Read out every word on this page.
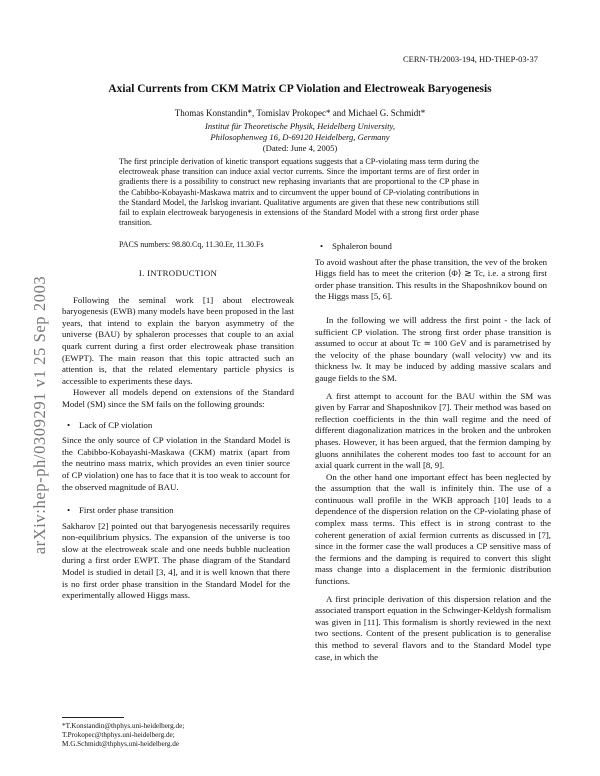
CERN-TH/2003-194, HD-THEP-03-37
arXiv:hep-ph/0309291 v1 25 Sep 2003
Axial Currents from CKM Matrix CP Violation and Electroweak Baryogenesis
Thomas Konstandin*, Tomislav Prokopec* and Michael G. Schmidt*
Institut für Theoretische Physik, Heidelberg University,
Philosophenweg 16, D-69120 Heidelberg, Germany
(Dated: June 4, 2005)
The first principle derivation of kinetic transport equations suggests that a CP-violating mass term during the electroweak phase transition can induce axial vector currents. Since the important terms are of first order in gradients there is a possibility to construct new rephasing invariants that are proportional to the CP phase in the Cabibbo-Kobayashi-Maskawa matrix and to circumvent the upper bound of CP-violating contributions in the Standard Model, the Jarlskog invariant. Qualitative arguments are given that these new contributions still fail to explain electroweak baryogenesis in extensions of the Standard Model with a strong first order phase transition.
PACS numbers: 98.80.Cq, 11.30.Er, 11.30.Fs
I. INTRODUCTION

Following the seminal work [1] about electroweak baryogenesis (EWB) many models have been proposed in the last years, that intend to explain the baryon asymmetry of the universe (BAU) by sphaleron processes that couple to an axial quark current during a first order electroweak phase transition (EWPT). The main reason that this topic attracted such an attention is, that the related elementary particle physics is accessible to experiments these days.

However all models depend on extensions of the Standard Model (SM) since the SM fails on the following grounds:

• Lack of CP violation

Since the only source of CP violation in the Standard Model is the Cabibbo-Kobayashi-Maskawa (CKM) matrix (apart from the neutrino mass matrix, which provides an even tinier source of CP violation) one has to face that it is too weak to account for the observed magnitude of BAU.

• First order phase transition

Sakharov [2] pointed out that baryogenesis necessarily requires non-equilibrium physics. The expansion of the universe is too slow at the electroweak scale and one needs bubble nucleation during a first order EWPT. The phase diagram of the Standard Model is studied in detail [3, 4], and it is well known that there is no first order phase transition in the Standard Model for the experimentally allowed Higgs mass.

• Sphaleron bound

To avoid washout after the phase transition, the vev of the broken Higgs field has to meet the criterion ⟨Φ⟩ ≳ Tc, i.e. a strong first order phase transition. This results in the Shaposhnikov bound on the Higgs mass [5, 6].

In the following we will address the first point - the lack of sufficient CP violation. The strong first order phase transition is assumed to occur at about Tc ≃ 100 GeV and is parametrised by the velocity of the phase boundary (wall velocity) vw and its thickness lw. It may be induced by adding massive scalars and gauge fields to the SM.

A first attempt to account for the BAU within the SM was given by Farrar and Shaposhnikov [7]. Their method was based on reflection coefficients in the thin wall regime and the need of different diagonalization matrices in the broken and the unbroken phases. However, it has been argued, that the fermion damping by gluons annihilates the coherent modes too fast to account for an axial quark current in the wall [8, 9].

On the other hand one important effect has been neglected by the assumption that the wall is infinitely thin. The use of a continuous wall profile in the WKB approach [10] leads to a dependence of the dispersion relation on the CP-violating phase of complex mass terms. This effect is in strong contrast to the coherent generation of axial fermion currents as discussed in [7], since in the former case the wall produces a CP sensitive mass of the fermions and the damping is required to convert this slight mass change into a displacement in the fermionic distribution functions.

A first principle derivation of this dispersion relation and the associated transport equation in the Schwinger-Keldysh formalism was given in [11]. This formalism is shortly reviewed in the next two sections. Content of the present publication is to generalise this method to several flavors and to the Standard Model type case, in which the

*T.Konstandin@thphys.uni-heidelberg.de;
T.Prokopec@thphys.uni-heidelberg.de;
M.G.Schmidt@thphys.uni-heidelberg.de
